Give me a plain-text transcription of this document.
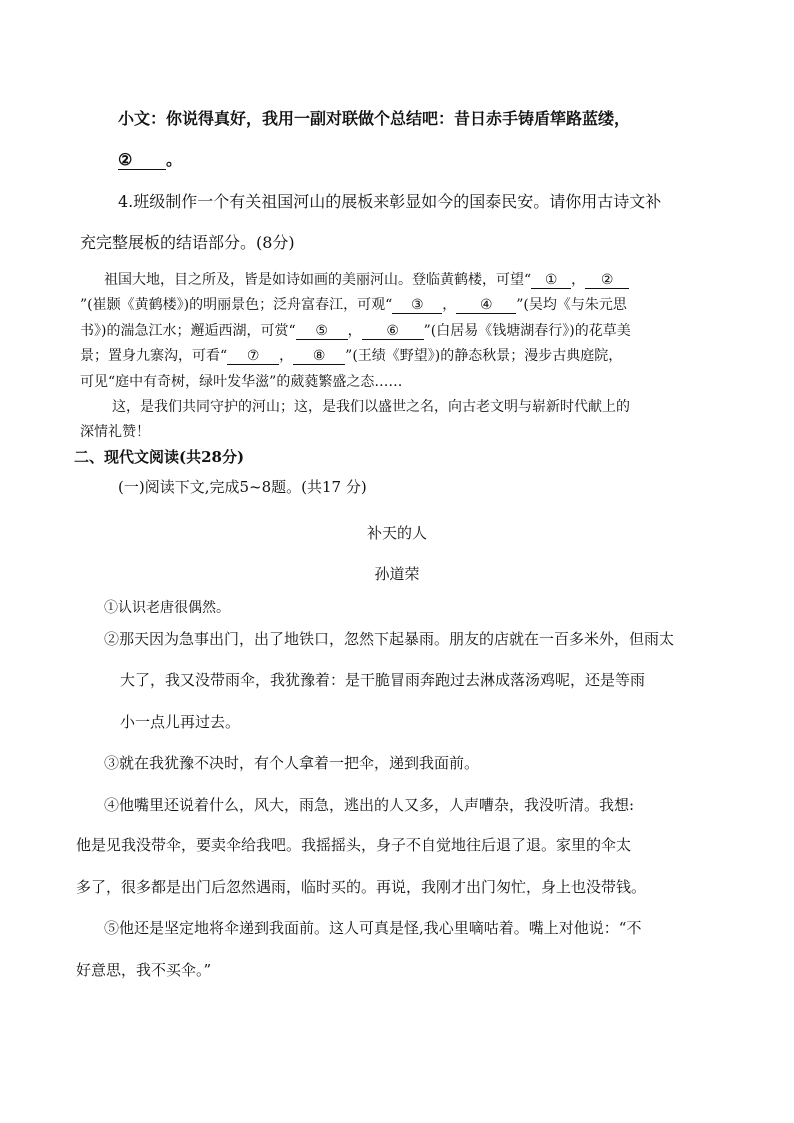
小文：你说得真好，我用一副对联做个总结吧：昔日赤手铸盾筚路蓝缕，
② 。
4.班级制作一个有关祖国河山的展板来彰显如今的国泰民安。请你用古诗文补
充完整展板的结语部分。(8分)
祖国大地，目之所及，皆是如诗如画的美丽河山。登临黄鹤楼，可望“ ① ， ②
”(崔颢《黄鹤楼》)的明丽景色；泛舟富春江，可观“ ③ ， ④ ”(吴均《与朱元思
书》)的湍急江水；邂逅西湖，可赏“ ⑤ ， ⑥ ”(白居易《钱塘湖春行》)的花草美
景；置身九寨沟，可看“ ⑦ ， ⑧ ”(王绩《野望》)的静态秋景；漫步古典庭院，
可见“庭中有奇树，绿叶发华滋”的葳蕤繁盛之态……
这，是我们共同守护的河山；这，是我们以盛世之名，向古老文明与崭新时代献上的
深情礼赞！
二、现代文阅读(共28分)
(一)阅读下文,完成5~8题。(共17 分)
补天的人
孙道荣
①认识老唐很偶然。
②那天因为急事出门，出了地铁口，忽然下起暴雨。朋友的店就在一百多米外，但雨太
大了，我又没带雨伞，我犹豫着：是干脆冒雨奔跑过去淋成落汤鸡呢，还是等雨
小一点儿再过去。
③就在我犹豫不决时，有个人拿着一把伞，递到我面前。
④他嘴里还说着什么，风大，雨急，逃出的人又多，人声嘈杂，我没听清。我想:
他是见我没带伞，要卖伞给我吧。我摇摇头，身子不自觉地往后退了退。家里的伞太
多了，很多都是出门后忽然遇雨，临时买的。再说，我刚才出门匆忙，身上也没带钱。
⑤他还是坚定地将伞递到我面前。这人可真是怪,我心里嘀咕着。嘴上对他说：“不
好意思，我不买伞。”
